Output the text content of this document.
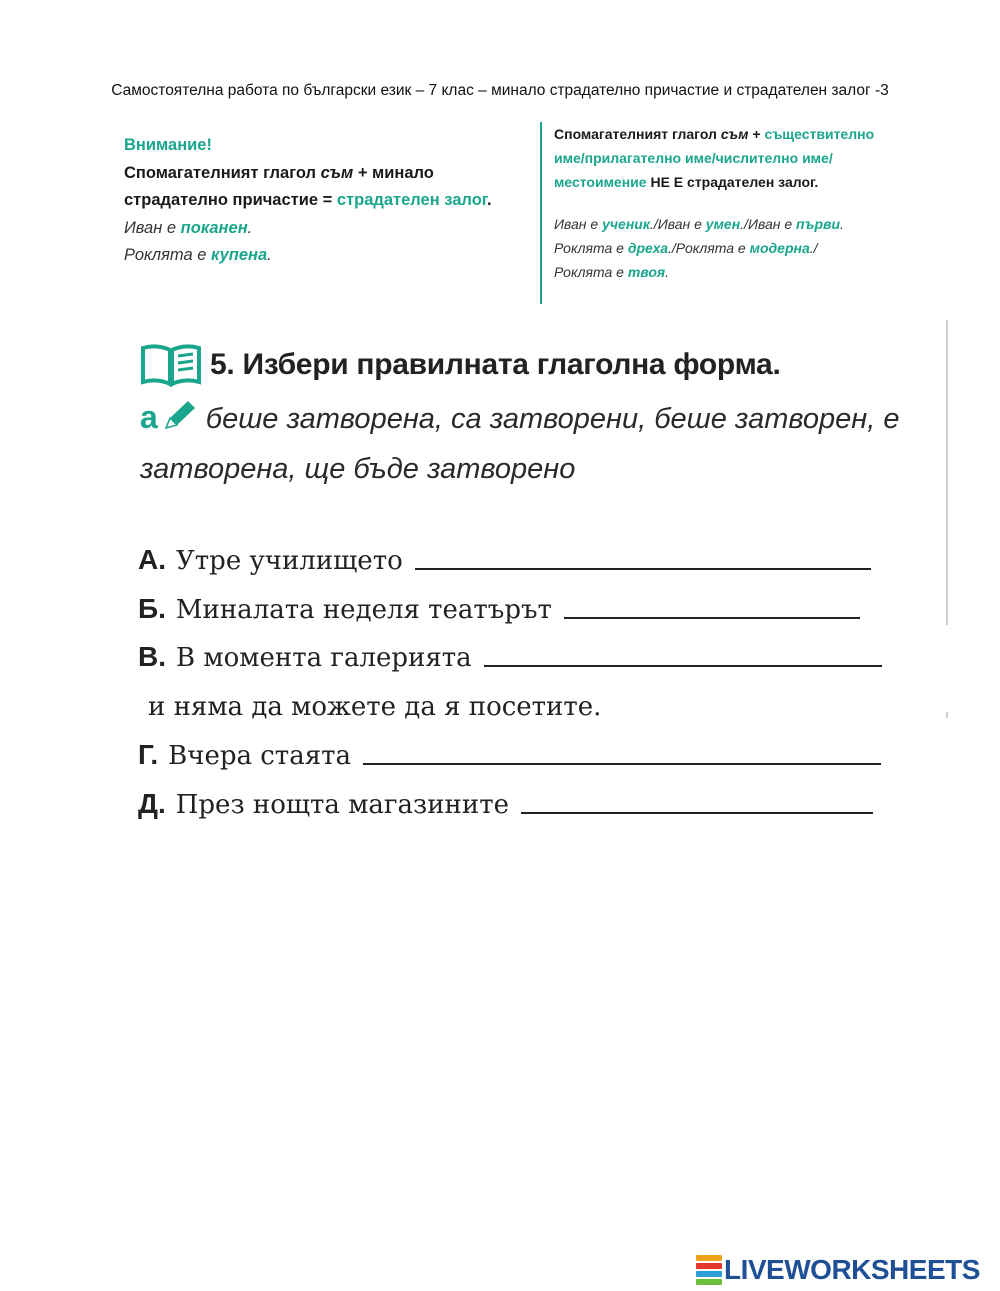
Самостоятелна работа по български език – 7 клас – минало страдателно причастие и страдателен залог -3
Внимание!
Спомагателният глагол съм + минало страдателно причастие = страдателен залог.
Иван е поканен.
Роклята е купена.
Спомагателният глагол съм + съществително име/прилагателно име/числително име/местоимение НЕ Е страдателен залог.
Иван е ученик./Иван е умен./Иван е първи.
Роклята е дреха./Роклята е модерна./
Роклята е твоя.
5. Избери правилната глаголна форма.
а беше затворена, са затворени, беше затворен, е затворена, ще бъде затворено
А. Утре училището
Б. Миналата неделя театърът
В. В момента галерията
и няма да можете да я посетите.
Г. Вчера стаята
Д. През нощта магазините
LIVEWORKSHEETS
